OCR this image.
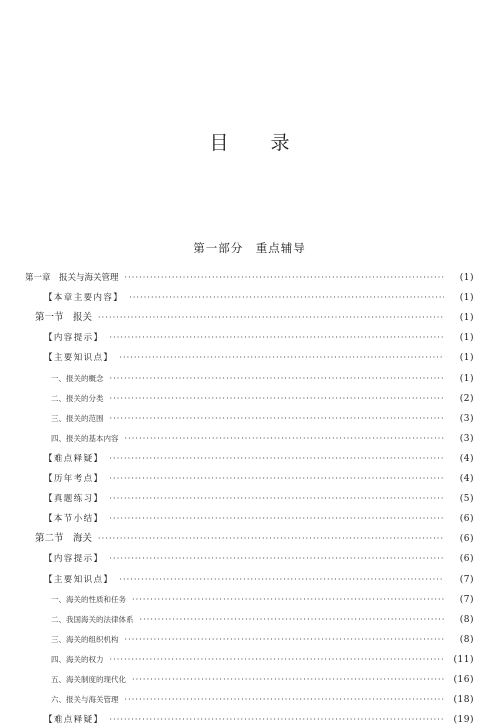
目 录
第一部分　重点辅导
第一章　报关与海关管理 ·····	(1)
【本章主要内容】 ·····	(1)
第一节　报关 ·····	(1)
【内容提示】 ·····	(1)
【主要知识点】 ·····	(1)
一、报关的概念 ·····	(1)
二、报关的分类 ·····	(2)
三、报关的范围 ·····	(3)
四、报关的基本内容 ·····	(3)
【难点释疑】 ·····	(4)
【历年考点】 ·····	(4)
【真题练习】 ·····	(5)
【本节小结】 ·····	(6)
第二节　海关 ·····	(6)
【内容提示】 ·····	(6)
【主要知识点】 ·····	(7)
一、海关的性质和任务 ·····	(7)
二、我国海关的法律体系 ·····	(8)
三、海关的组织机构 ·····	(8)
四、海关的权力 ·····	(11)
五、海关制度的现代化 ·····	(16)
六、报关与海关管理 ·····	(18)
【难点释疑】 ·····	(19)
